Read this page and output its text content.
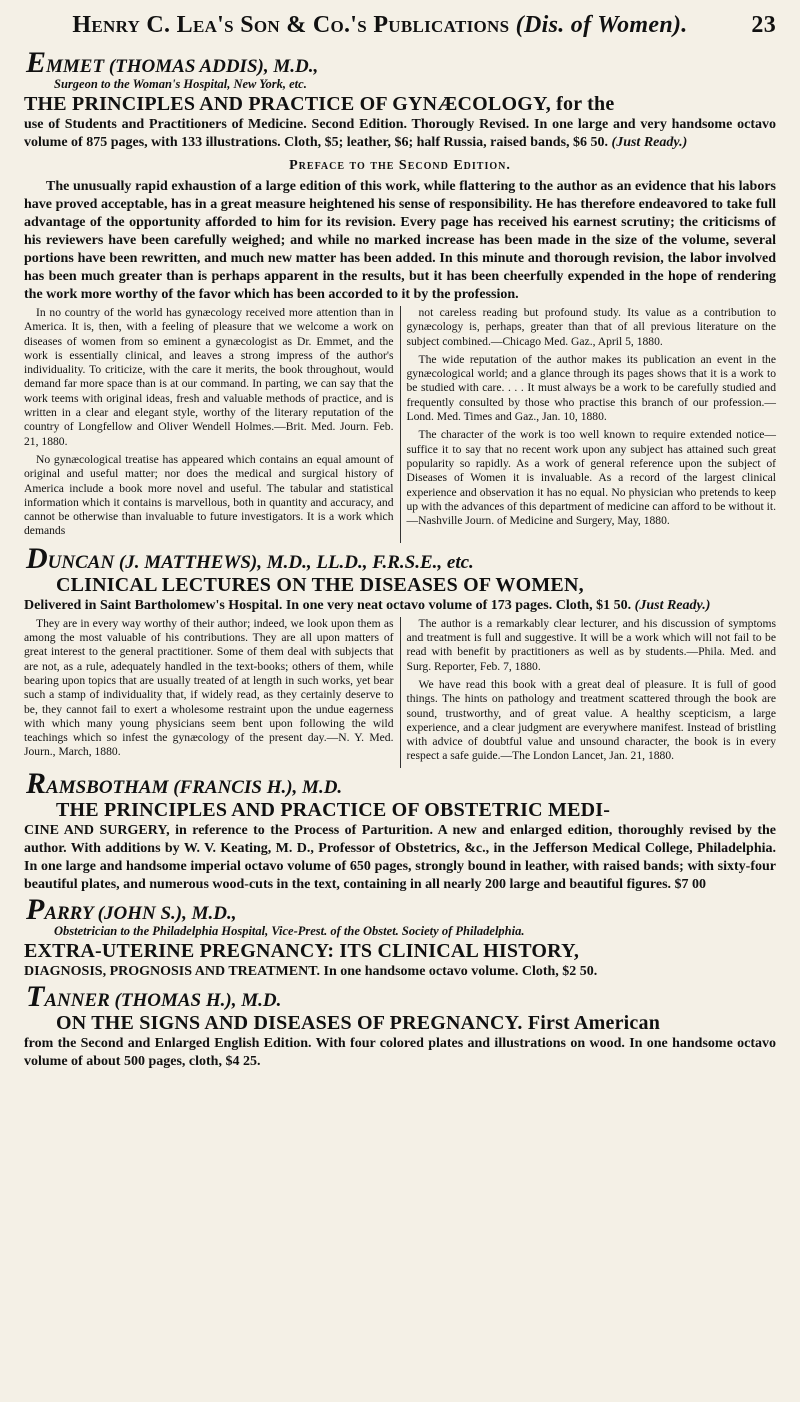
Henry C. Lea's Son & Co.'s Publications (Dis. of Women).	23
EMMET (THOMAS ADDIS), M.D.,
Surgeon to the Woman's Hospital, New York, etc.
THE PRINCIPLES AND PRACTICE OF GYNÆCOLOGY, for the
use of Students and Practitioners of Medicine. Second Edition. Thorougly Revised. In one large and very handsome octavo volume of 875 pages, with 133 illustrations. Cloth, $5; leather, $6; half Russia, raised bands, $6 50. (Just Ready.)
Preface to the Second Edition.
The unusually rapid exhaustion of a large edition of this work, while flattering to the author as an evidence that his labors have proved acceptable, has in a great measure heightened his sense of responsibility. He has therefore endeavored to take full advantage of the opportunity afforded to him for its revision. Every page has received his earnest scrutiny; the criticisms of his reviewers have been carefully weighed; and while no marked increase has been made in the size of the volume, several portions have been rewritten, and much new matter has been added. In this minute and thorough revision, the labor involved has been much greater than is perhaps apparent in the results, but it has been cheerfully expended in the hope of rendering the work more worthy of the favor which has been accorded to it by the profession.

In no country of the world has gynæcology received more attention than in America. It is, then, with a feeling of pleasure that we welcome a work on diseases of women from so eminent a gynæcologist as Dr. Emmet, and the work is essentially clinical, and leaves a strong impress of the author's individuality. To criticize, with the care it merits, the book throughout, would demand far more space than is at our command. In parting, we can say that the work teems with original ideas, fresh and valuable methods of practice, and is written in a clear and elegant style, worthy of the literary reputation of the country of Longfellow and Oliver Wendell Holmes.—Brit. Med. Journ. Feb. 21, 1880.

No gynæcological treatise has appeared which contains an equal amount of original and useful matter; nor does the medical and surgical history of America include a book more novel and useful. The tabular and statistical information which it contains is marvellous, both in quantity and accuracy, and cannot be otherwise than invaluable to future investigators. It is a work which demands

not careless reading but profound study. Its value as a contribution to gynæcology is, perhaps, greater than that of all previous literature on the subject combined.—Chicago Med. Gaz., April 5, 1880.

The wide reputation of the author makes its publication an event in the gynæcological world; and a glance through its pages shows that it is a work to be studied with care. . . . It must always be a work to be carefully studied and frequently consulted by those who practise this branch of our profession.—Lond. Med. Times and Gaz., Jan. 10, 1880.

The character of the work is too well known to require extended notice—suffice it to say that no recent work upon any subject has attained such great popularity so rapidly. As a work of general reference upon the subject of Diseases of Women it is invaluable. As a record of the largest clinical experience and observation it has no equal. No physician who pretends to keep up with the advances of this department of medicine can afford to be without it.—Nashville Journ. of Medicine and Surgery, May, 1880.

DUNCAN (J. MATTHEWS), M.D., LL.D., F.R.S.E., etc.
CLINICAL LECTURES ON THE DISEASES OF WOMEN,
Delivered in Saint Bartholomew's Hospital. In one very neat octavo volume of 173 pages. Cloth, $1 50. (Just Ready.)

They are in every way worthy of their author; indeed, we look upon them as among the most valuable of his contributions. They are all upon matters of great interest to the general practitioner. Some of them deal with subjects that are not, as a rule, adequately handled in the text-books; others of them, while bearing upon topics that are usually treated of at length in such works, yet bear such a stamp of individuality that, if widely read, as they certainly deserve to be, they cannot fail to exert a wholesome restraint upon the undue eagerness with which many young physicians seem bent upon following the wild teachings which so infest the gynæcology of the present day.—N. Y. Med. Journ., March, 1880.

The author is a remarkably clear lecturer, and his discussion of symptoms and treatment is full and suggestive. It will be a work which will not fail to be read with benefit by practitioners as well as by students.—Phila. Med. and Surg. Reporter, Feb. 7, 1880.

We have read this book with a great deal of pleasure. It is full of good things. The hints on pathology and treatment scattered through the book are sound, trustworthy, and of great value. A healthy scepticism, a large experience, and a clear judgment are everywhere manifest. Instead of bristling with advice of doubtful value and unsound character, the book is in every respect a safe guide.—The London Lancet, Jan. 21, 1880.

RAMSBOTHAM (FRANCIS H.), M.D.
THE PRINCIPLES AND PRACTICE OF OBSTETRIC MEDI-
CINE AND SURGERY, in reference to the Process of Parturition. A new and enlarged edition, thoroughly revised by the author. With additions by W. V. Keating, M. D., Professor of Obstetrics, &c., in the Jefferson Medical College, Philadelphia. In one large and handsome imperial octavo volume of 650 pages, strongly bound in leather, with raised bands; with sixty-four beautiful plates, and numerous wood-cuts in the text, containing in all nearly 200 large and beautiful figures. $7 00
PARRY (JOHN S.), M.D.,
Obstetrician to the Philadelphia Hospital, Vice-Prest. of the Obstet. Society of Philadelphia.
EXTRA-UTERINE PREGNANCY: ITS CLINICAL HISTORY,
DIAGNOSIS, PROGNOSIS AND TREATMENT. In one handsome octavo volume. Cloth, $2 50.
TANNER (THOMAS H.), M.D.
ON THE SIGNS AND DISEASES OF PREGNANCY. First American
from the Second and Enlarged English Edition. With four colored plates and illustrations on wood. In one handsome octavo volume of about 500 pages, cloth, $4 25.
